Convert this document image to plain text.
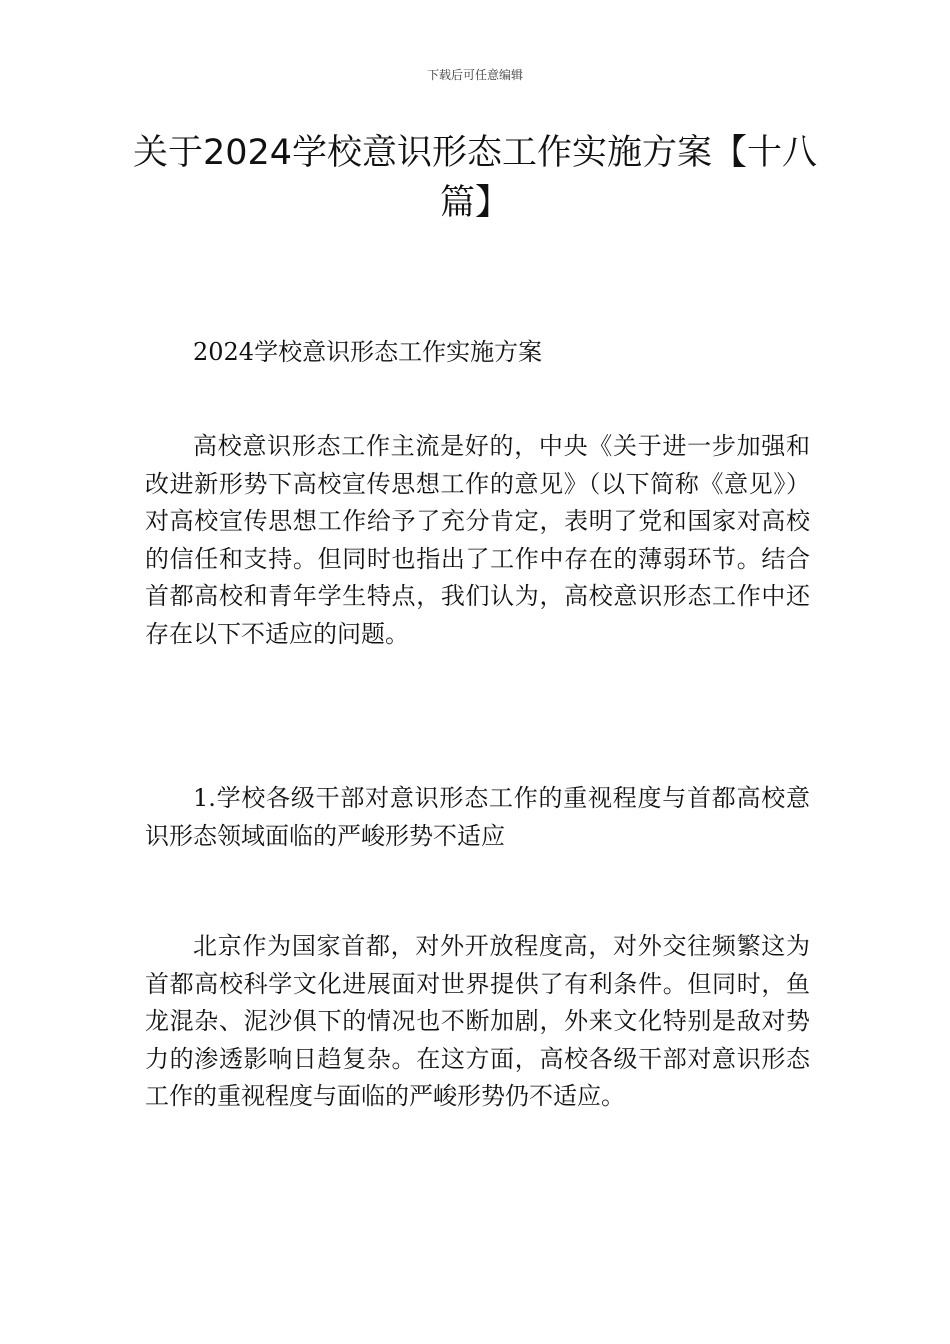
下载后可任意编辑
关于2024学校意识形态工作实施方案【十八篇】

2024学校意识形态工作实施方案

高校意识形态工作主流是好的，中央《关于进一步加强和改进新形势下高校宣传思想工作的意见》（以下简称《意见》）对高校宣传思想工作给予了充分肯定，表明了党和国家对高校的信任和支持。但同时也指出了工作中存在的薄弱环节。结合首都高校和青年学生特点，我们认为，高校意识形态工作中还存在以下不适应的问题。

1.学校各级干部对意识形态工作的重视程度与首都高校意识形态领域面临的严峻形势不适应

北京作为国家首都，对外开放程度高，对外交往频繁这为首都高校科学文化进展面对世界提供了有利条件。但同时，鱼龙混杂、泥沙俱下的情况也不断加剧，外来文化特别是敌对势力的渗透影响日趋复杂。在这方面，高校各级干部对意识形态工作的重视程度与面临的严峻形势仍不适应。
